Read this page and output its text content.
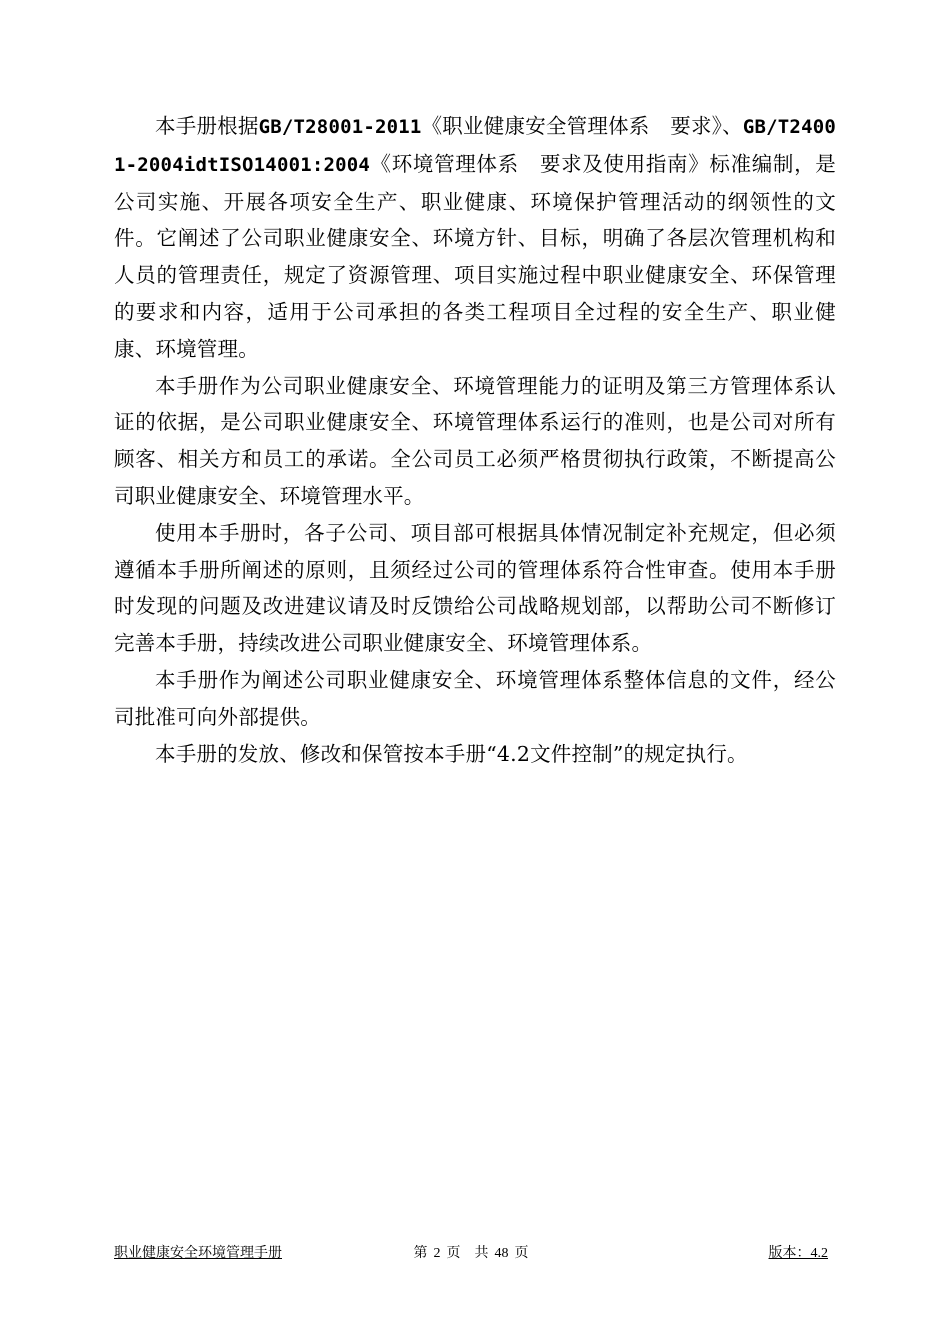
本手册根据GB/T28001-2011《职业健康安全管理体系　要求》、GB/T24001-2004idtISO14001:2004《环境管理体系　要求及使用指南》标准编制，是公司实施、开展各项安全生产、职业健康、环境保护管理活动的纲领性的文件。它阐述了公司职业健康安全、环境方针、目标，明确了各层次管理机构和人员的管理责任，规定了资源管理、项目实施过程中职业健康安全、环保管理的要求和内容，适用于公司承担的各类工程项目全过程的安全生产、职业健康、环境管理。

本手册作为公司职业健康安全、环境管理能力的证明及第三方管理体系认证的依据，是公司职业健康安全、环境管理体系运行的准则，也是公司对所有顾客、相关方和员工的承诺。全公司员工必须严格贯彻执行政策，不断提高公司职业健康安全、环境管理水平。

使用本手册时，各子公司、项目部可根据具体情况制定补充规定，但必须遵循本手册所阐述的原则，且须经过公司的管理体系符合性审查。使用本手册时发现的问题及改进建议请及时反馈给公司战略规划部，以帮助公司不断修订完善本手册，持续改进公司职业健康安全、环境管理体系。

本手册作为阐述公司职业健康安全、环境管理体系整体信息的文件，经公司批准可向外部提供。

本手册的发放、修改和保管按本手册“4.2文件控制”的规定执行。

职业健康安全环境管理手册	第 2 页　共 48 页	版本：4.2
